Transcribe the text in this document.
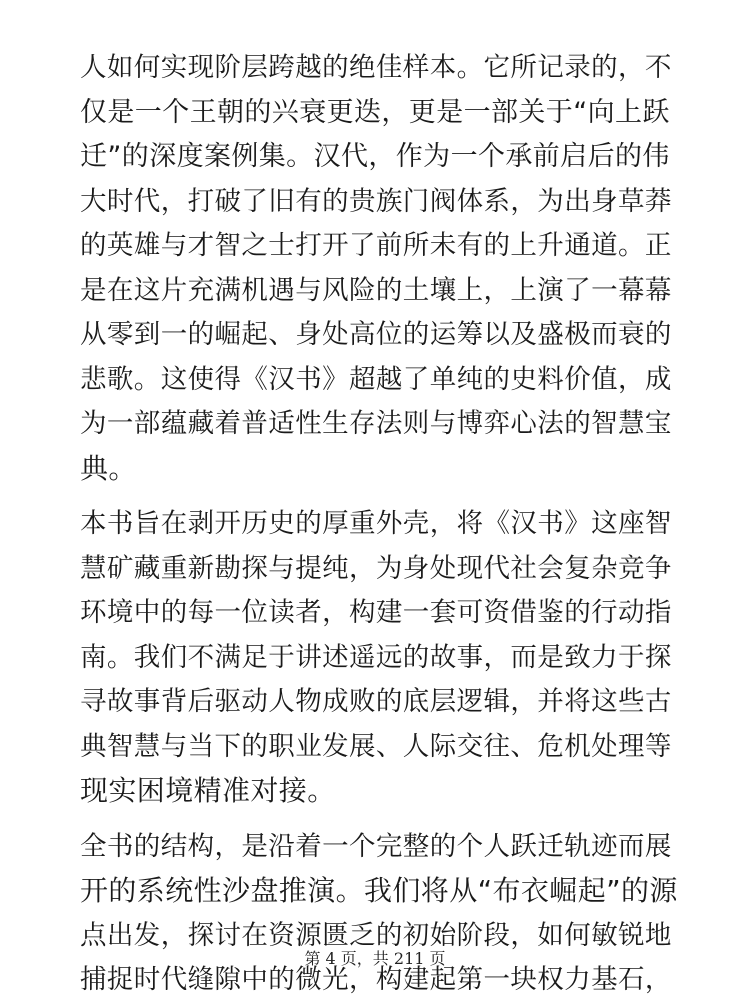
人如何实现阶层跨越的绝佳样本。它所记录的，不
仅是一个王朝的兴衰更迭，更是一部关于“向上跃
迁”的深度案例集。汉代，作为一个承前启后的伟
大时代，打破了旧有的贵族门阀体系，为出身草莽
的英雄与才智之士打开了前所未有的上升通道。正
是在这片充满机遇与风险的土壤上，上演了一幕幕
从零到一的崛起、身处高位的运筹以及盛极而衰的
悲歌。这使得《汉书》超越了单纯的史料价值，成
为一部蕴藏着普适性生存法则与博弈心法的智慧宝
典。

本书旨在剥开历史的厚重外壳，将《汉书》这座智
慧矿藏重新勘探与提纯，为身处现代社会复杂竞争
环境中的每一位读者，构建一套可资借鉴的行动指
南。我们不满足于讲述遥远的故事，而是致力于探
寻故事背后驱动人物成败的底层逻辑，并将这些古
典智慧与当下的职业发展、人际交往、危机处理等
现实困境精准对接。

全书的结构，是沿着一个完整的个人跃迁轨迹而展
开的系统性沙盘推演。我们将从“布衣崛起”的源
点出发，探讨在资源匮乏的初始阶段，如何敏锐地
捕捉时代缝隙中的微光，构建起第一块权力基石，

第 4 页，共 211 页
